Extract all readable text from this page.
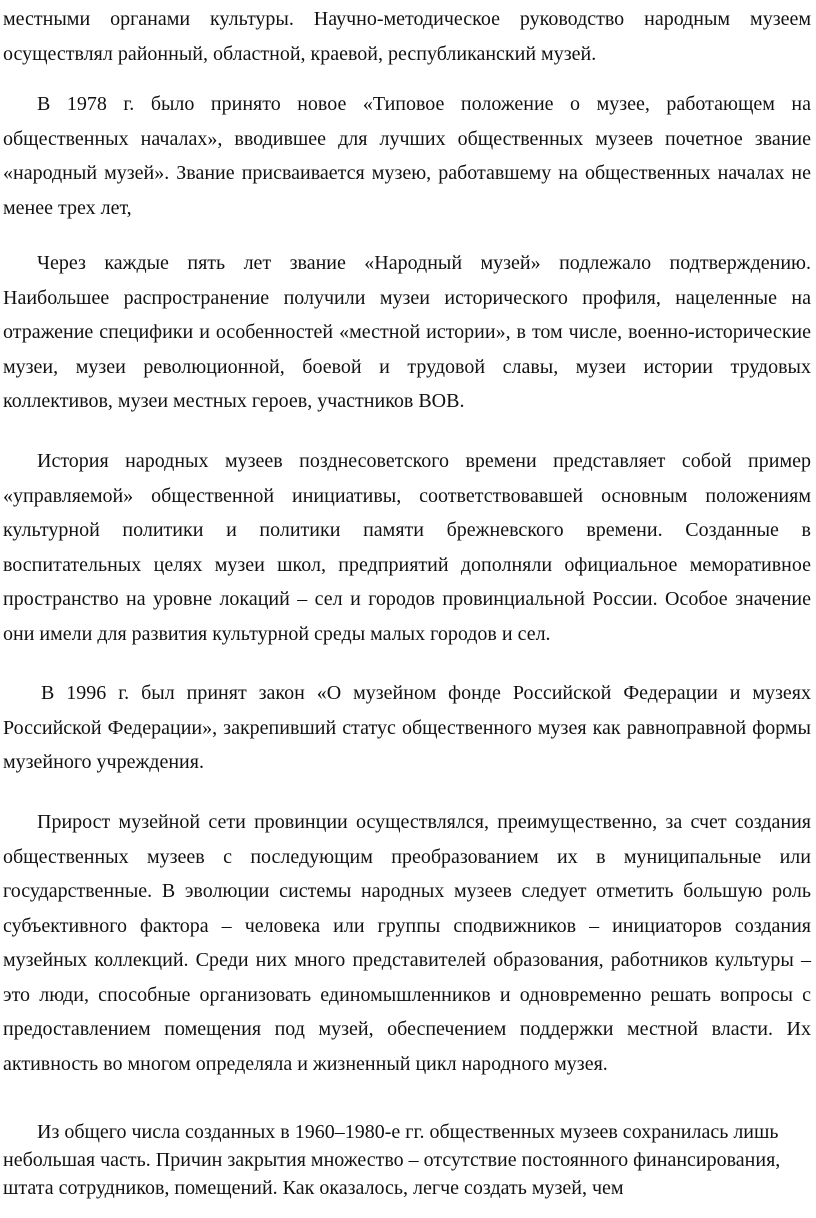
местными органами культуры. Научно-методическое руководство народным музеем осуществлял районный, областной, краевой, республиканский музей.

В 1978 г. было принято новое «Типовое положение о музее, работающем на общественных началах», вводившее для лучших общественных музеев почетное звание «народный музей». Звание присваивается музею, работавшему на общественных началах не менее трех лет,

Через каждые пять лет звание «Народный музей» подлежало подтверждению. Наибольшее распространение получили музеи исторического профиля, нацеленные на отражение специфики и особенностей «местной истории», в том числе, военно-исторические музеи, музеи революционной, боевой и трудовой славы, музеи истории трудовых коллективов, музеи местных героев, участников ВОВ.

История народных музеев позднесоветского времени представляет собой пример «управляемой» общественной инициативы, соответствовавшей основным положениям культурной политики и политики памяти брежневского времени. Созданные в воспитательных целях музеи школ, предприятий дополняли официальное меморативное пространство на уровне локаций – сел и городов провинциальной России. Особое значение они имели для развития культурной среды малых городов и сел.

В 1996 г. был принят закон «О музейном фонде Российской Федерации и музеях Российской Федерации», закрепивший статус общественного музея как равноправной формы музейного учреждения.

Прирост музейной сети провинции осуществлялся, преимущественно, за счет создания общественных музеев с последующим преобразованием их в муниципальные или государственные. В эволюции системы народных музеев следует отметить большую роль субъективного фактора – человека или группы сподвижников – инициаторов создания музейных коллекций. Среди них много представителей образования, работников культуры – это люди, способные организовать единомышленников и одновременно решать вопросы с предоставлением помещения под музей, обеспечением поддержки местной власти. Их активность во многом определяла и жизненный цикл народного музея.

Из общего числа созданных в 1960–1980-е гг. общественных музеев сохранилась лишь небольшая часть. Причин закрытия множество – отсутствие постоянного финансирования, штата сотрудников, помещений. Как оказалось, легче создать музей, чем
